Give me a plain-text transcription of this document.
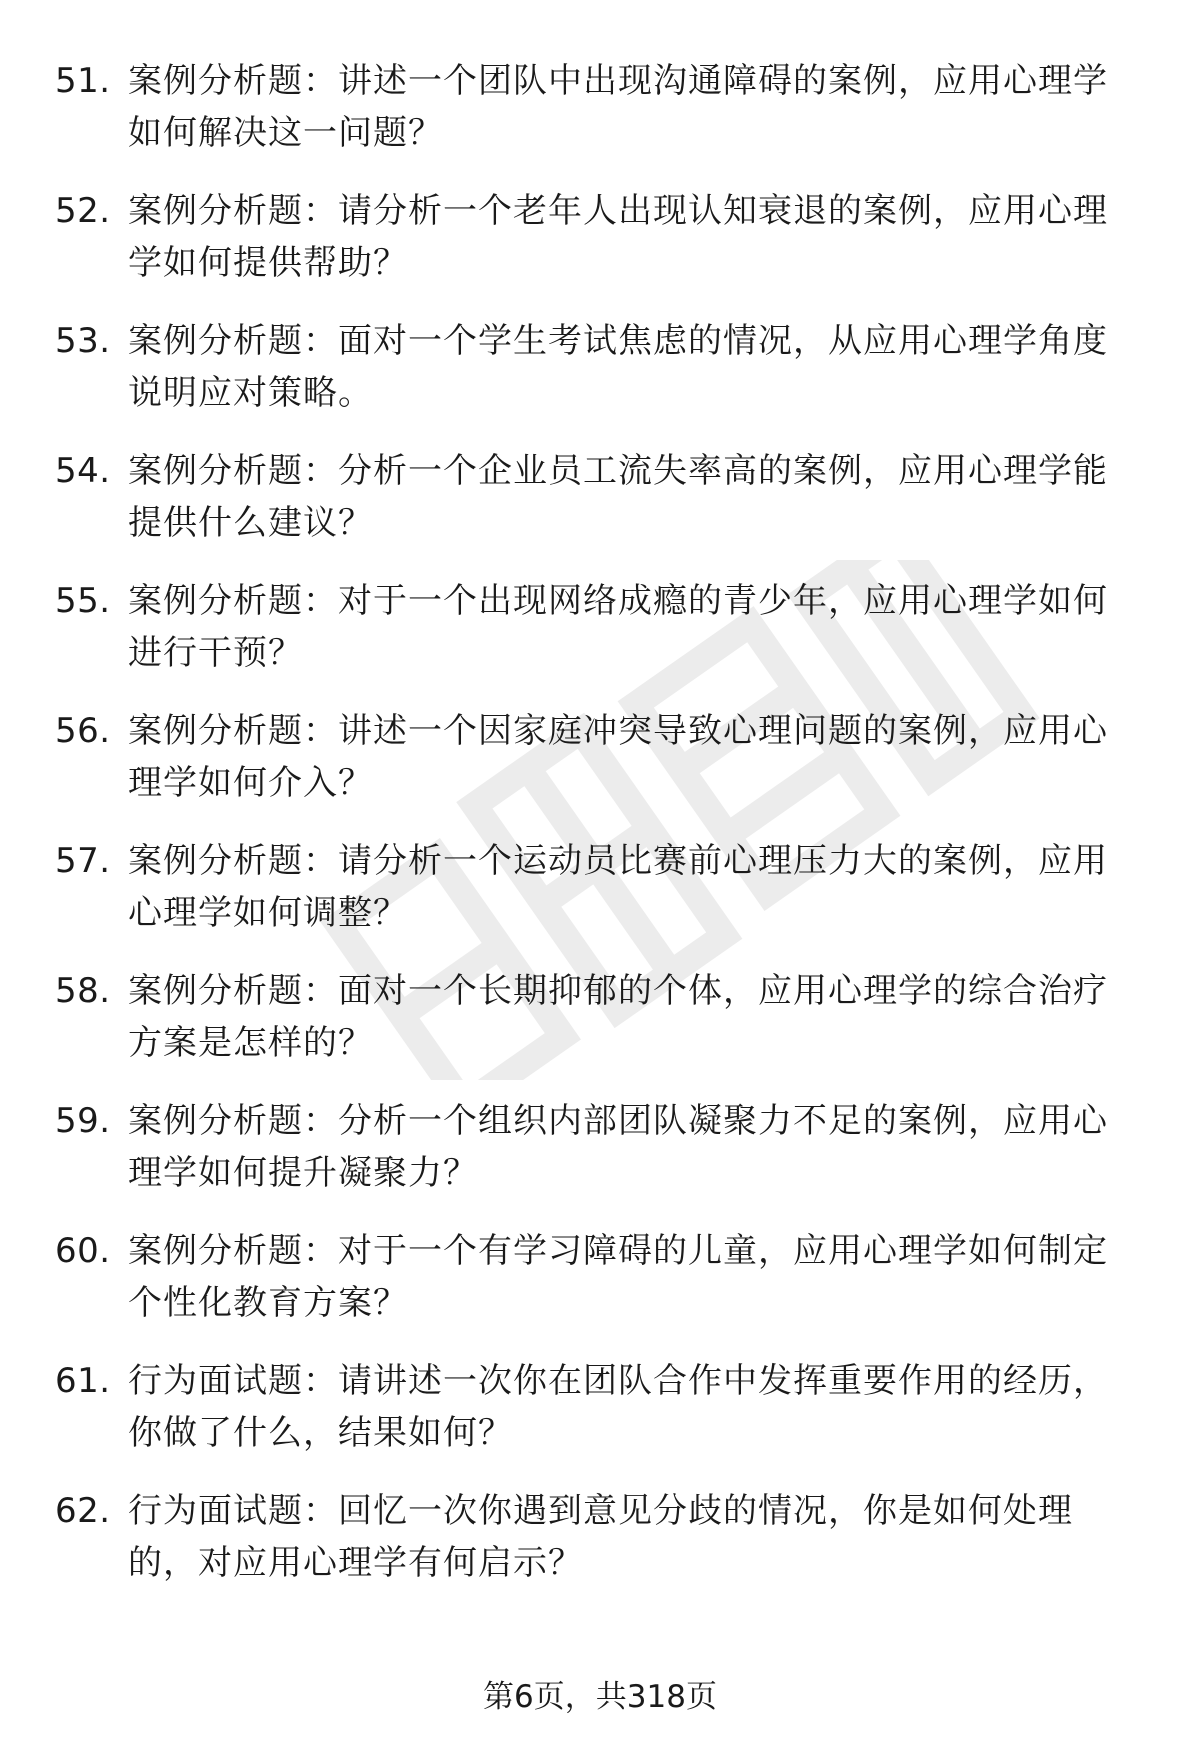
51. 案例分析题：讲述一个团队中出现沟通障碍的案例，应用心理学如何解决这一问题？
52. 案例分析题：请分析一个老年人出现认知衰退的案例，应用心理学如何提供帮助？
53. 案例分析题：面对一个学生考试焦虑的情况，从应用心理学角度说明应对策略。
54. 案例分析题：分析一个企业员工流失率高的案例，应用心理学能提供什么建议？
55. 案例分析题：对于一个出现网络成瘾的青少年，应用心理学如何进行干预？
56. 案例分析题：讲述一个因家庭冲突导致心理问题的案例，应用心理学如何介入？
57. 案例分析题：请分析一个运动员比赛前心理压力大的案例，应用心理学如何调整？
58. 案例分析题：面对一个长期抑郁的个体，应用心理学的综合治疗方案是怎样的？
59. 案例分析题：分析一个组织内部团队凝聚力不足的案例，应用心理学如何提升凝聚力？
60. 案例分析题：对于一个有学习障碍的儿童，应用心理学如何制定个性化教育方案？
61. 行为面试题：请讲述一次你在团队合作中发挥重要作用的经历，你做了什么，结果如何？
62. 行为面试题：回忆一次你遇到意见分歧的情况，你是如何处理的，对应用心理学有何启示？
第6页，共318页
